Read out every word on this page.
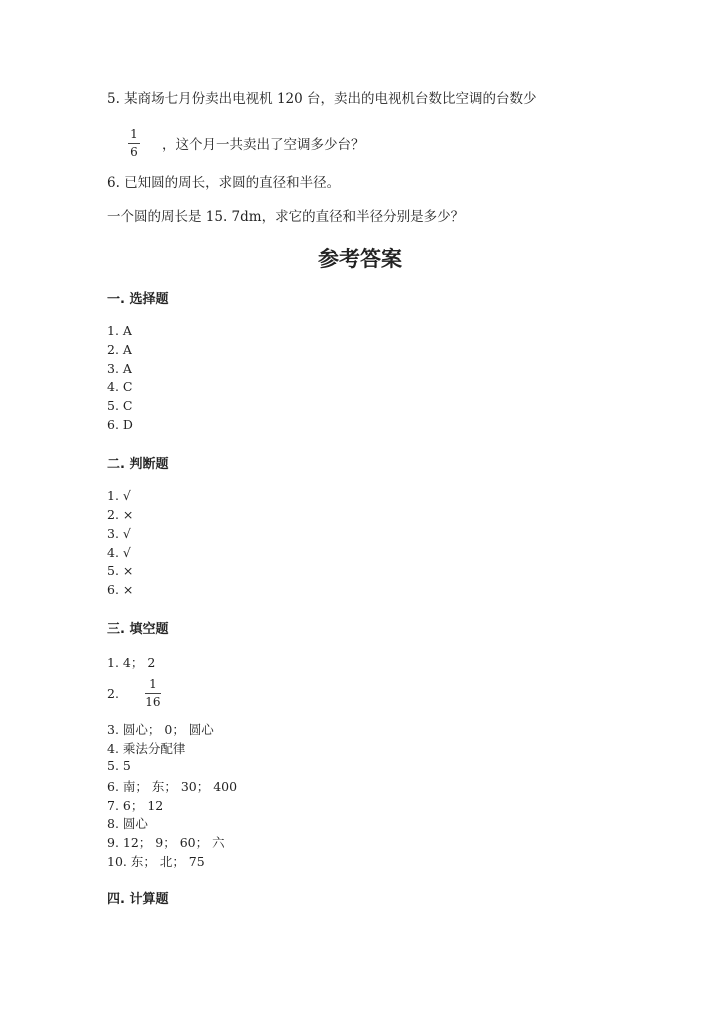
5. 某商场七月份卖出电视机 120 台，卖出的电视机台数比空调的台数少
$\frac{1}{6}$ ，这个月一共卖出了空调多少台？
6. 已知圆的周长，求圆的直径和半径。
一个圆的周长是 15. 7dm，求它的直径和半径分别是多少？
参考答案
一. 选择题
1. A
2. A
3. A
4. C
5. C
6. D
二. 判断题
1. √
2. ×
3. √
4. √
5. ×
6. ×
三. 填空题
1. 4； 2
2. $\frac{1}{16}$
3. 圆心； 0； 圆心
4. 乘法分配律
5. 5
6. 南； 东； 30； 400
7. 6； 12
8. 圆心
9. 12； 9； 60； 六
10. 东； 北； 75
四. 计算题
